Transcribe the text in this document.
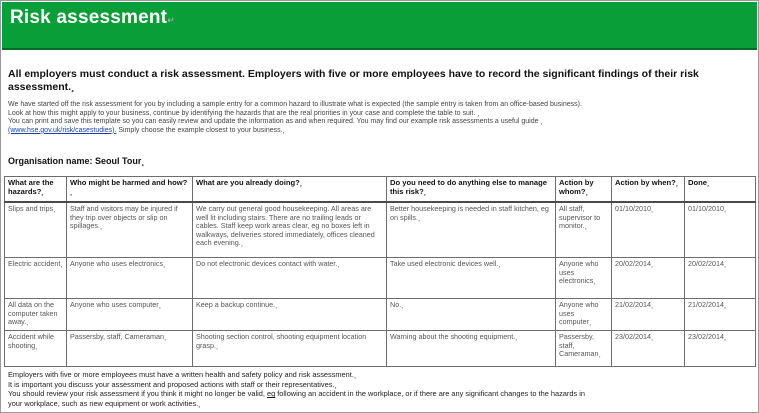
Risk assessment↵
All employers must conduct a risk assessment. Employers with five or more employees have to record the significant findings of their risk assessment.¸
We have started off the risk assessment for you by including a sample entry for a common hazard to illustrate what is expected (the sample entry is taken from an office-based business).
Look at how this might apply to your business, continue by identifying the hazards that are the real priorities in your case and complete the table to suit. ¸
You can print and save this template so you can easily review and update the information as and when required. You may find our example risk assessments a useful guide ¸
(www.hse.gov.uk/risk/casestudies). Simply choose the example closest to your business.¸
Organisation name: Seoul Tour¸
What are the hazards?¸	Who might be harmed and how?¸	What are you already doing?¸	Do you need to do anything else to manage this risk?¸	Action by whom?¸	Action by when?¸	Done¸
Slips and trips¸	Staff and visitors may be injured if they trip over objects or slip on spillages.¸	We carry out general good housekeeping. All areas are well lit including stairs. There are no trailing leads or cables. Staff keep work areas clear, eg no boxes left in walkways, deliveries stored immediately, offices cleaned each evening.¸	Better housekeeping is needed in staff kitchen, eg on spills.¸	All staff, supervisor to monitor.¸	01/10/2010¸	01/10/2010¸
Electric accident¸	Anyone who uses electronics¸	Do not electronic devices contact with water.¸	Take used electronic devices well.¸	Anyone who uses electronics¸	20/02/2014¸	20/02/2014¸
All data on the computer taken away.¸	Anyone who uses computer¸	Keep a backup continue.¸	No.¸	Anyone who uses computer¸	21/02/2014¸	21/02/2014¸
Accident while shooting¸	Passersby, staff, Cameraman¸	Shooting section control, shooting equipment location grasp.¸	Warning about the shooting equipment.¸	Passersby, staff, Cameraman¸	23/02/2014¸	23/02/2014¸
Employers with five or more employees must have a written health and safety policy and risk assessment.¸
It is important you discuss your assessment and proposed actions with staff or their representatives.¸
You should review your risk assessment if you think it might no longer be valid, eg following an accident in the workplace, or if there are any significant changes to the hazards in
your workplace, such as new equipment or work activities.¸
